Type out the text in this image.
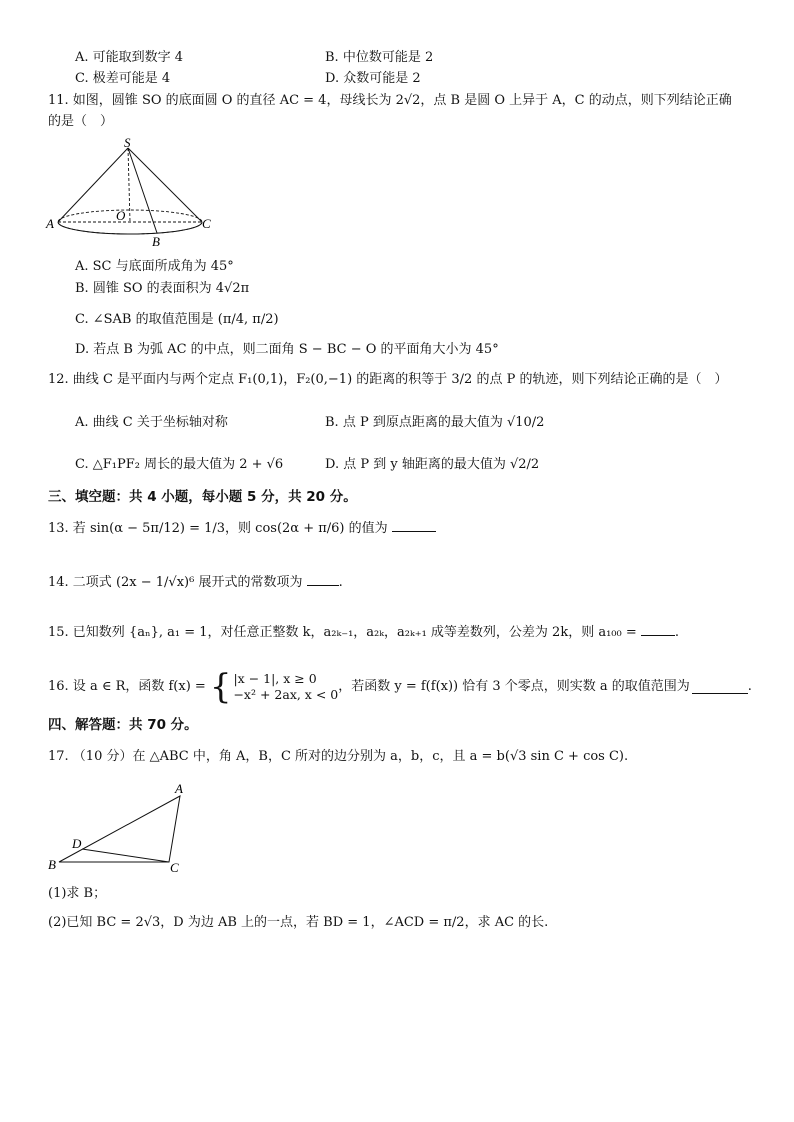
A. 可能取到数字 4	B. 中位数可能是 2
C. 极差可能是 4	D. 众数可能是 2
11. 如图，圆锥 SO 的底面圆 O 的直径 AC = 4，母线长为 2√2，点 B 是圆 O 上异于 A，C 的动点，则下列结论正确
的是（　）
S
A
O
C
B
A. SC 与底面所成角为 45°
B. 圆锥 SO 的表面积为 4√2π
C. ∠SAB 的取值范围是 (π/4, π/2)
D. 若点 B 为弧 AC 的中点，则二面角 S − BC − O 的平面角大小为 45°
12. 曲线 C 是平面内与两个定点 F₁(0,1)，F₂(0,−1) 的距离的积等于 3/2 的点 P 的轨迹，则下列结论正确的是（　）
A. 曲线 C 关于坐标轴对称	B. 点 P 到原点距离的最大值为 √10/2
C. △F₁PF₂ 周长的最大值为 2 + √6	D. 点 P 到 y 轴距离的最大值为 √2/2
三、填空题：共 4 小题，每小题 5 分，共 20 分。
13. 若 sin(α − 5π/12) = 1/3，则 cos(2α + π/6) 的值为
14. 二项式 (2x − 1/√x)⁶ 展开式的常数项为	.
15. 已知数列 {aₙ}, a₁ = 1，对任意正整数 k，a₂ₖ₋₁，a₂ₖ，a₂ₖ₊₁ 成等差数列，公差为 2k，则 a₁₀₀ =	.
16. 设 a ∈ R，函数 f(x) = { |x − 1|, x ≥ 0
−x² + 2ax, x < 0
，若函数 y = f(f(x)) 恰有 3 个零点，则实数 a 的取值范围为	.
四、解答题：共 70 分。
17. （10 分）在 △ABC 中，角 A，B，C 所对的边分别为 a，b，c，且 a = b(√3 sin C + cos C).
A
B	C
D
(1)求 B；
(2)已知 BC = 2√3，D 为边 AB 上的一点，若 BD = 1，∠ACD = π/2，求 AC 的长.
